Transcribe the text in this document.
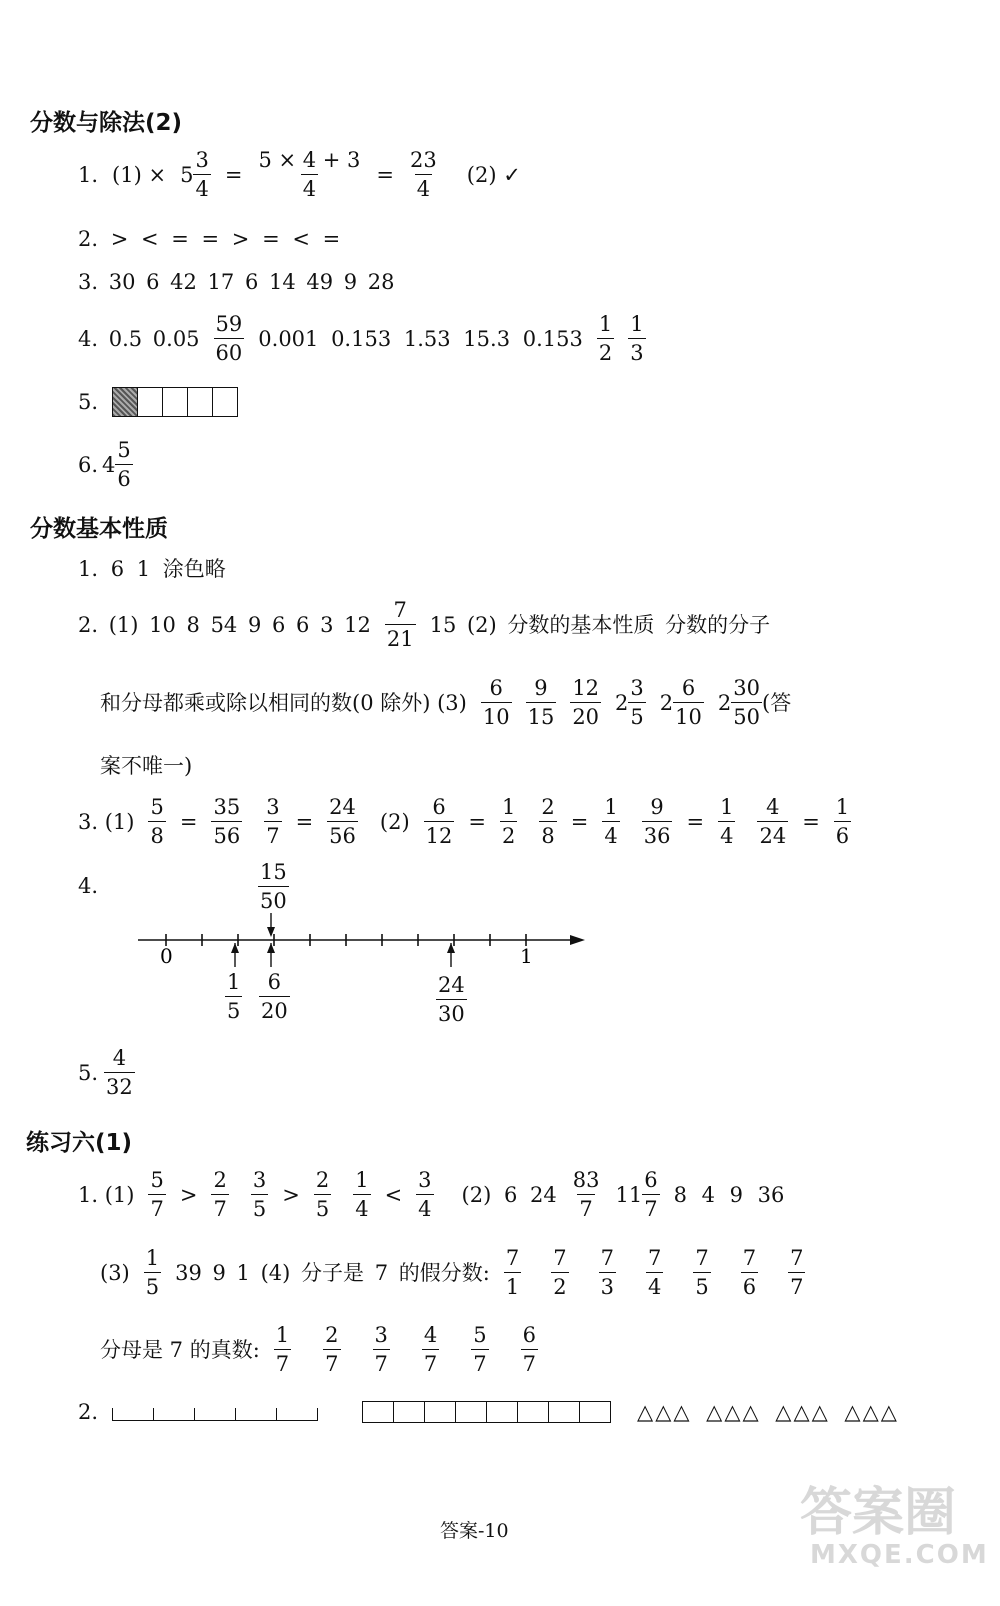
分数与除法(2)
1. $(1) \times 5 \frac{3}{4} = \frac{5 \times 4 + 3}{4} = \frac{23}{4} (2)$ ✓
2. > < = = > = < =
3. 30 6 42 17 6 14 49 9 28
4. 0.5 $0.05 \frac{59}{60} 0.001$ 0.153 1.53 15.3 $0.153 \frac{1}{2} \frac{1}{3}$
5.
6. $4 \frac{5}{6}$
分数基本性质
1. 6 1 涂色略
2. (1) 10 8 54 9 6 6 3 $12 \frac{7}{21} 15$ (2) 分数的基本性质 分数的分子
和分母都乘或除以相同的数(0 除外) $(3) \frac{6}{10} \frac{9}{15} \frac{12}{20} 2 \frac{3}{5} 2 \frac{6}{10} 2 \frac{30}{50}$ (答
案不唯一)
3. $(1) \frac{5}{8} = \frac{35}{56} \frac{3}{7} = \frac{24}{56} (2) \frac{6}{12} = \frac{1}{2} \frac{2}{8} = \frac{1}{4} \frac{9}{36} = \frac{1}{4} \frac{4}{24} = \frac{1}{6}$
4.
0	1
$\frac{15}{50}$
$\frac{1}{5} \frac{6}{20}$	$\frac{24}{30}$
5. $\frac{4}{32}$
练习六(1)
1. $(1) \frac{5}{7} > \frac{2}{7} \frac{3}{5} > \frac{2}{5} \frac{1}{4} < \frac{3}{4} (2)$ 6 $24 \frac{83}{7} 11 \frac{6}{7} 8$ 4 9 36
$(3) \frac{1}{5} 39$ 9 1 (4) 分子是 7 的假分数: $\frac{7}{1} \frac{7}{2} \frac{7}{3} \frac{7}{4} \frac{7}{5} \frac{7}{6} \frac{7}{7}$
分母是 7 的真数: $\frac{1}{7} \frac{2}{7} \frac{3}{7} \frac{4}{7} \frac{5}{7} \frac{6}{7}$
2.	△△△ △△△ △△△ △△△
答案-10	答案圈
MXQE.COM
